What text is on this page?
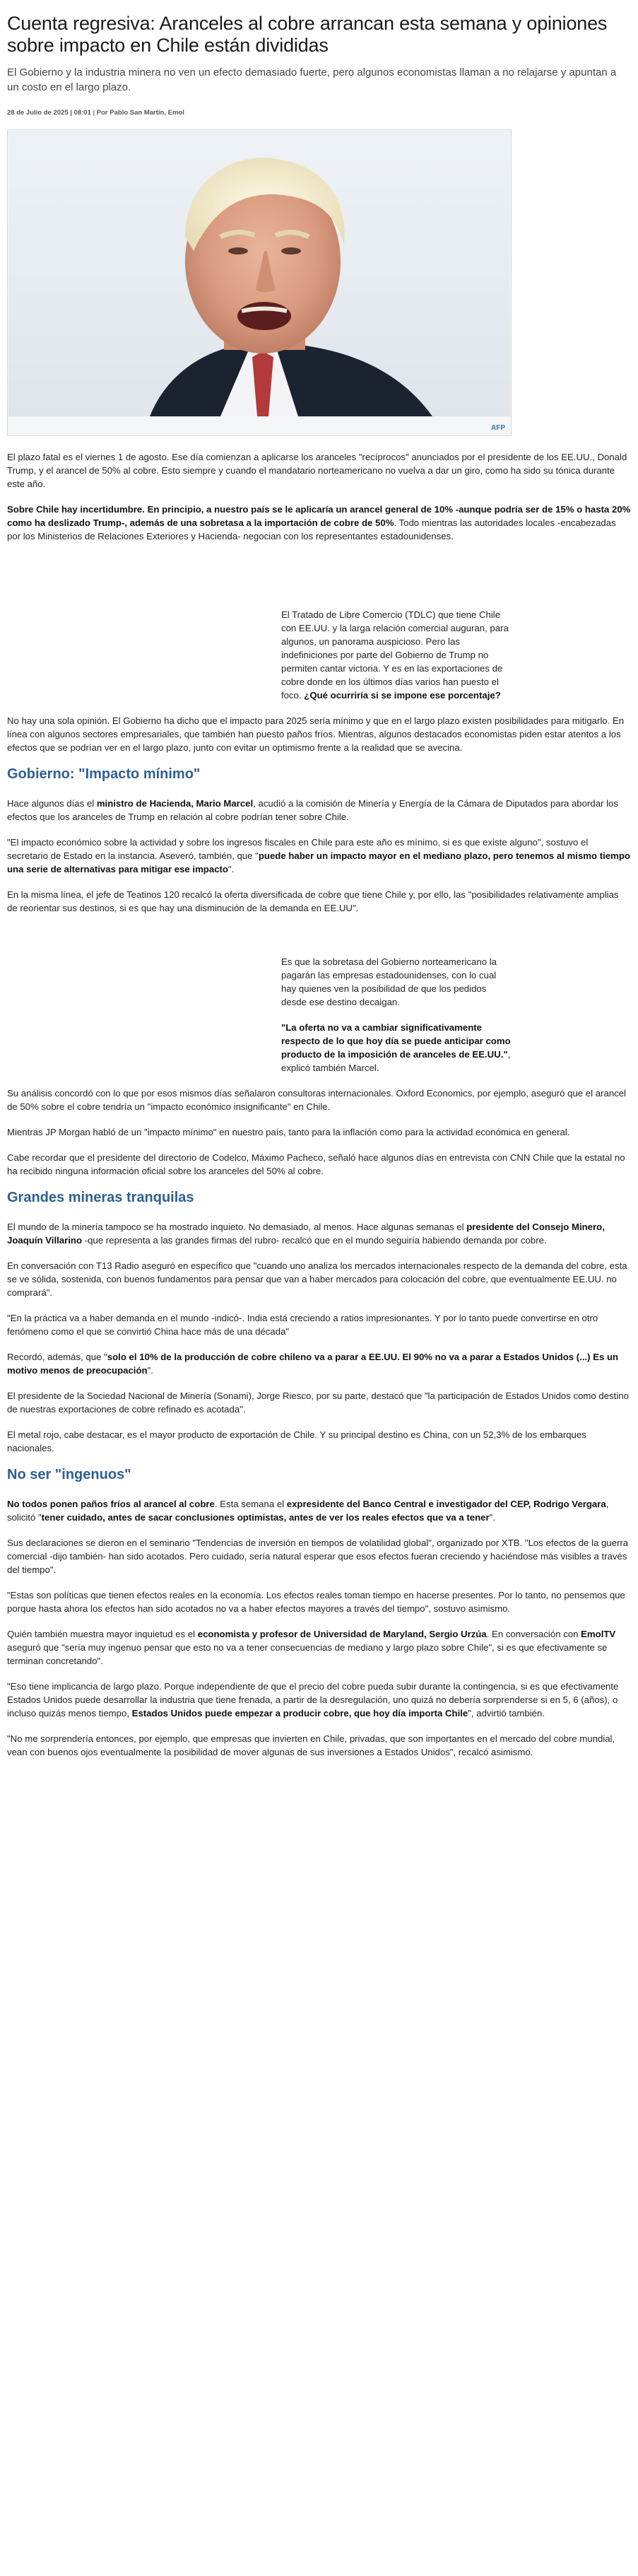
Cuenta regresiva: Aranceles al cobre arrancan esta semana y opiniones sobre impacto en Chile están divididas

El Gobierno y la industria minera no ven un efecto demasiado fuerte, pero algunos economistas llaman a no relajarse y apuntan a un costo en el largo plazo.

28 de Julio de 2025 | 08:01 | Por Pablo San Martín, Emol
AFP

El plazo fatal es el viernes 1 de agosto. Ese día comienzan a aplicarse los aranceles "recíprocos" anunciados por el presidente de los EE.UU., Donald Trump, y el arancel de 50% al cobre. Esto siempre y cuando el mandatario norteamericano no vuelva a dar un giro, como ha sido su tónica durante este año.

Sobre Chile hay incertidumbre. En principio, a nuestro país se le aplicaría un arancel general de 10% -aunque podría ser de 15% o hasta 20% como ha deslizado Trump-, además de una sobretasa a la importación de cobre de 50%. Todo mientras las autoridades locales -encabezadas por los Ministerios de Relaciones Exteriores y Hacienda- negocian con los representantes estadounidenses.

El Tratado de Libre Comercio (TDLC) que tiene Chile con EE.UU. y la larga relación comercial auguran, para algunos, un panorama auspicioso. Pero las indefiniciones por parte del Gobierno de Trump no permiten cantar victoria. Y es en las exportaciones de cobre donde en los últimos días varios han puesto el foco. ¿Qué ocurriría si se impone ese porcentaje?

No hay una sola opinión. El Gobierno ha dicho que el impacto para 2025 sería mínimo y que en el largo plazo existen posibilidades para mitigarlo. En línea con algunos sectores empresariales, que también han puesto paños fríos. Mientras, algunos destacados economistas piden estar atentos a los efectos que se podrían ver en el largo plazo, junto con evitar un optimismo frente a la realidad que se avecina.

Gobierno: "Impacto mínimo"

Hace algunos días el ministro de Hacienda, Mario Marcel, acudió a la comisión de Minería y Energía de la Cámara de Diputados para abordar los efectos que los aranceles de Trump en relación al cobre podrían tener sobre Chile.

"El impacto económico sobre la actividad y sobre los ingresos fiscales en Chile para este año es mínimo, si es que existe alguno", sostuvo el secretario de Estado en la instancia. Aseveró, también, que "puede haber un impacto mayor en el mediano plazo, pero tenemos al mismo tiempo una serie de alternativas para mitigar ese impacto".

En la misma línea, el jefe de Teatinos 120 recalcó la oferta diversificada de cobre que tiene Chile y, por ello, las "posibilidades relativamente amplias de reorientar sus destinos, si es que hay una disminución de la demanda en EE.UU".

Es que la sobretasa del Gobierno norteamericano la pagarán las empresas estadounidenses, con lo cual hay quienes ven la posibilidad de que los pedidos desde ese destino decaigan.

"La oferta no va a cambiar significativamente respecto de lo que hoy día se puede anticipar como producto de la imposición de aranceles de EE.UU.", explicó también Marcel.

Su análisis concordó con lo que por esos mismos días señalaron consultoras internacionales. Oxford Economics, por ejemplo, aseguró que el arancel de 50% sobre el cobre tendría un "impacto económico insignificante" en Chile.

Mientras JP Morgan habló de un "impacto mínimo" en nuestro país, tanto para la inflación como para la actividad económica en general.

Cabe recordar que el presidente del directorio de Codelco, Máximo Pacheco, señaló hace algunos días en entrevista con CNN Chile que la estatal no ha recibido ninguna información oficial sobre los aranceles del 50% al cobre.

Grandes mineras tranquilas

El mundo de la minería tampoco se ha mostrado inquieto. No demasiado, al menos. Hace algunas semanas el presidente del Consejo Minero, Joaquín Villarino -que representa a las grandes firmas del rubro- recalcó que en el mundo seguiría habiendo demanda por cobre.

En conversación con T13 Radio aseguró en específico que "cuando uno analiza los mercados internacionales respecto de la demanda del cobre, esta se ve sólida, sostenida, con buenos fundamentos para pensar que van a haber mercados para colocación del cobre, que eventualmente EE.UU. no comprará".

"En la práctica va a haber demanda en el mundo -indicó-. India está creciendo a ratios impresionantes. Y por lo tanto puede convertirse en otro fenómeno como el que se convirtió China hace más de una década"

Recordó, además, que "solo el 10% de la producción de cobre chileno va a parar a EE.UU. El 90% no va a parar a Estados Unidos (...) Es un motivo menos de preocupación".

El presidente de la Sociedad Nacional de Minería (Sonami), Jorge Riesco, por su parte, destacó que "la participación de Estados Unidos como destino de nuestras exportaciones de cobre refinado es acotada".

El metal rojo, cabe destacar, es el mayor producto de exportación de Chile. Y su principal destino es China, con un 52,3% de los embarques nacionales.

No ser "ingenuos"

No todos ponen paños fríos al arancel al cobre. Esta semana el expresidente del Banco Central e investigador del CEP, Rodrigo Vergara, solicitó "tener cuidado, antes de sacar conclusiones optimistas, antes de ver los reales efectos que va a tener".

Sus declaraciones se dieron en el seminario "Tendencias de inversión en tiempos de volatilidad global", organizado por XTB. "Los efectos de la guerra comercial -dijo también- han sido acotados. Pero cuidado, sería natural esperar que esos efectos fueran creciendo y haciéndose más visibles a través del tiempo".

"Estas son políticas que tienen efectos reales en la economía. Los efectos reales toman tiempo en hacerse presentes. Por lo tanto, no pensemos que porque hasta ahora los efectos han sido acotados no va a haber efectos mayores a través del tiempo", sostuvo asimismo.

Quién también muestra mayor inquietud es el economista y profesor de Universidad de Maryland, Sergio Urzúa. En conversación con EmolTV aseguró que "sería muy ingenuo pensar que esto no va a tener consecuencias de mediano y largo plazo sobre Chile", si es que efectivamente se terminan concretando".

"Eso tiene implicancia de largo plazo. Porque independiente de que el precio del cobre pueda subir durante la contingencia, si es que efectivamente Estados Unidos puede desarrollar la industria que tiene frenada, a partir de la desregulación, uno quizá no debería sorprenderse si en 5, 6 (años), o incluso quizás menos tiempo, Estados Unidos puede empezar a producir cobre, que hoy día importa Chile", advirtió también.

"No me sorprendería entonces, por ejemplo, que empresas que invierten en Chile, privadas, que son importantes en el mercado del cobre mundial, vean con buenos ojos eventualmente la posibilidad de mover algunas de sus inversiones a Estados Unidos", recalcó asimismo.
